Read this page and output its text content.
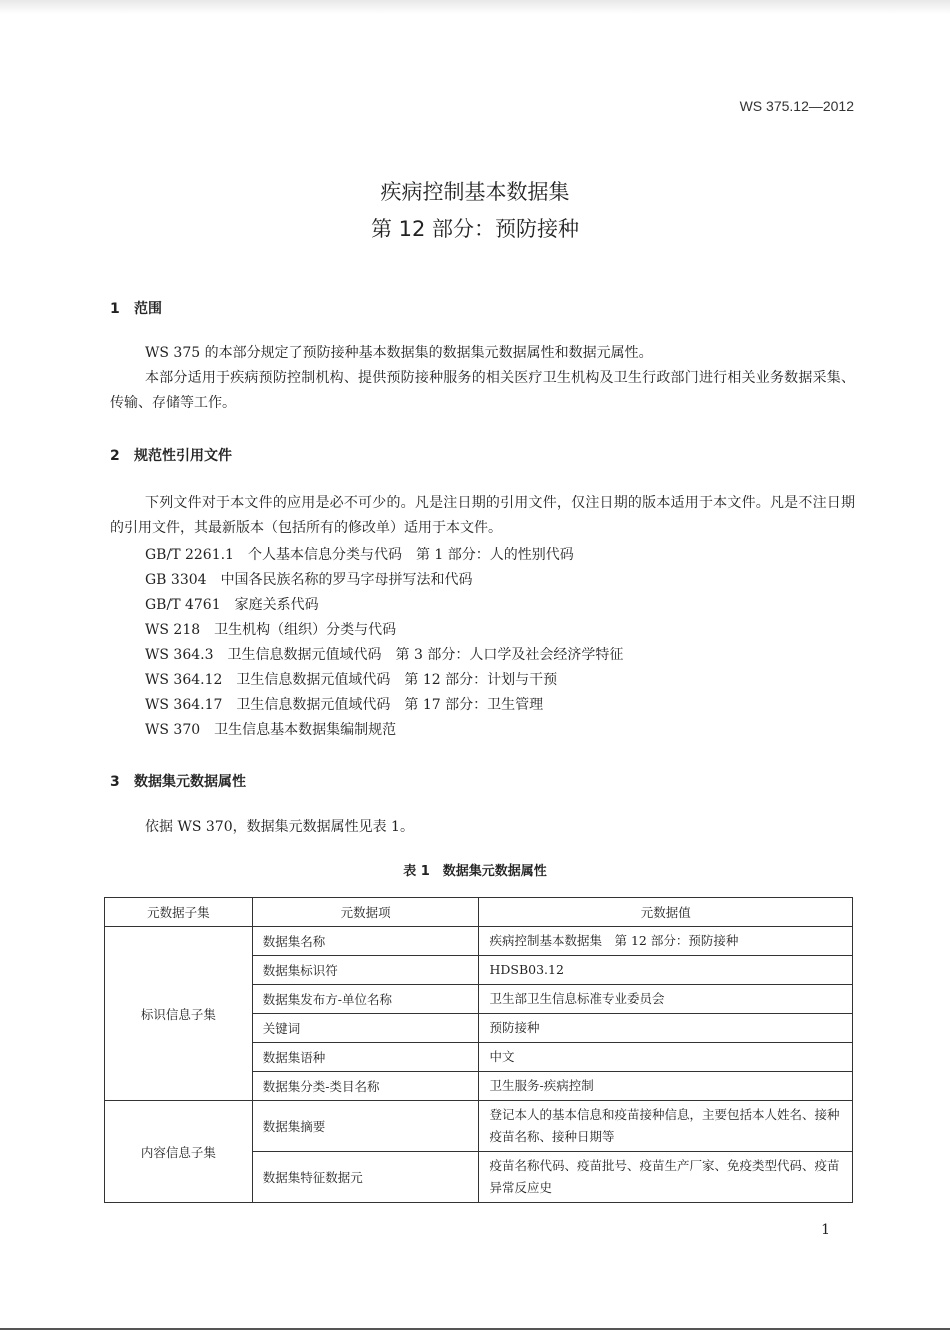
WS 375.12—2012
疾病控制基本数据集
第 12 部分：预防接种
1 范围
WS 375 的本部分规定了预防接种基本数据集的数据集元数据属性和数据元属性。
本部分适用于疾病预防控制机构、提供预防接种服务的相关医疗卫生机构及卫生行政部门进行相关业务数据采集、传输、存储等工作。
2 规范性引用文件
下列文件对于本文件的应用是必不可少的。凡是注日期的引用文件，仅注日期的版本适用于本文件。凡是不注日期的引用文件，其最新版本（包括所有的修改单）适用于本文件。
GB/T 2261.1 个人基本信息分类与代码　第 1 部分：人的性别代码
GB 3304 中国各民族名称的罗马字母拼写法和代码
GB/T 4761 家庭关系代码
WS 218 卫生机构（组织）分类与代码
WS 364.3 卫生信息数据元值域代码　第 3 部分：人口学及社会经济学特征
WS 364.12 卫生信息数据元值域代码　第 12 部分：计划与干预
WS 364.17 卫生信息数据元值域代码　第 17 部分：卫生管理
WS 370 卫生信息基本数据集编制规范
3 数据集元数据属性
依据 WS 370，数据集元数据属性见表 1。
表 1　数据集元数据属性
元数据子集	元数据项	元数据值
标识信息子集	数据集名称	疾病控制基本数据集　第 12 部分：预防接种
	数据集标识符	HDSB03.12
	数据集发布方-单位名称	卫生部卫生信息标准专业委员会
	关键词	预防接种
	数据集语种	中文
	数据集分类-类目名称	卫生服务-疾病控制
内容信息子集	数据集摘要	登记本人的基本信息和疫苗接种信息，主要包括本人姓名、接种疫苗名称、接种日期等
	数据集特征数据元	疫苗名称代码、疫苗批号、疫苗生产厂家、免疫类型代码、疫苗异常反应史
1
